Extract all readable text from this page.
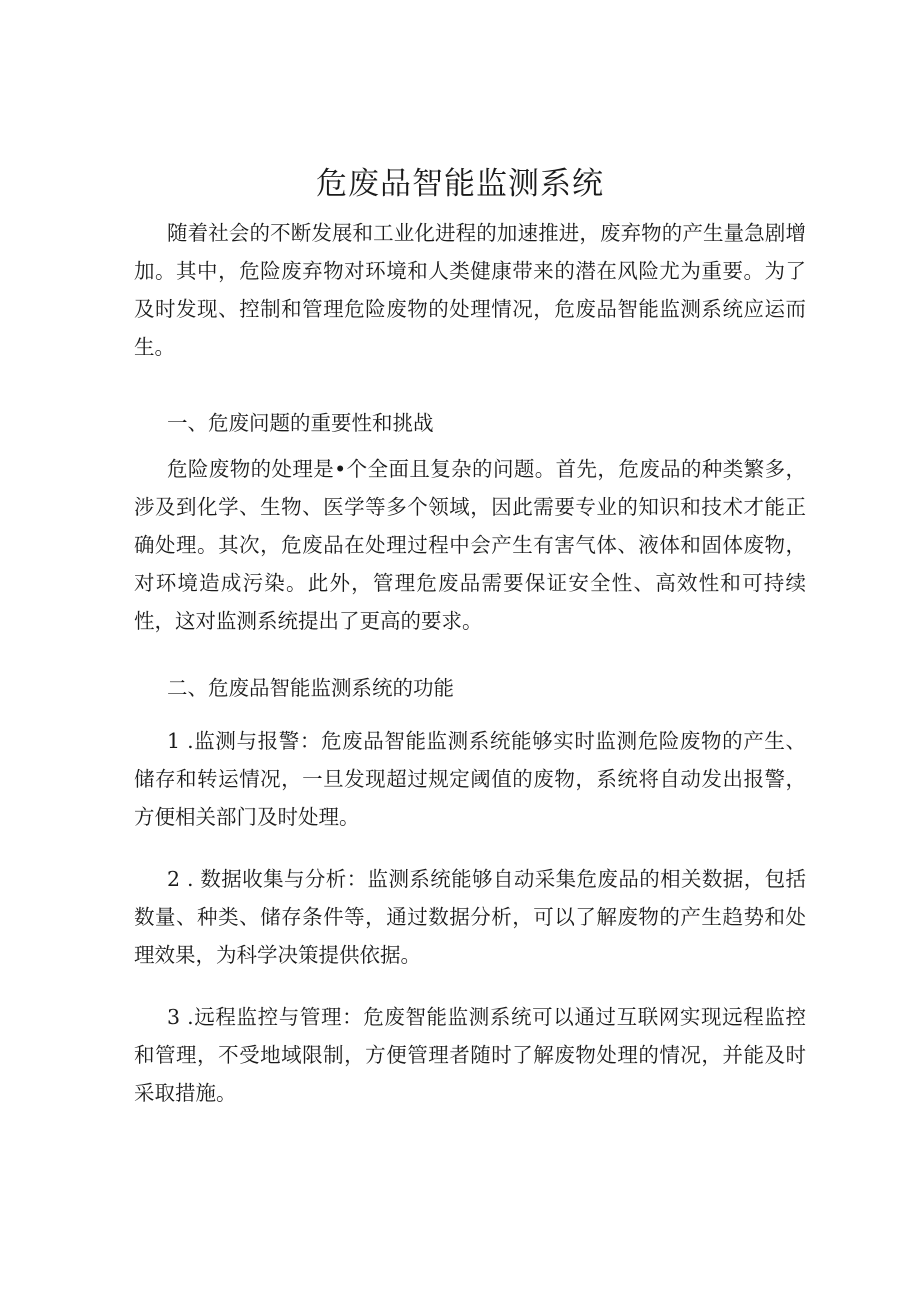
危废品智能监测系统

随着社会的不断发展和工业化进程的加速推进，废弃物的产生量急剧增加。其中，危险废弃物对环境和人类健康带来的潜在风险尤为重要。为了及时发现、控制和管理危险废物的处理情况，危废品智能监测系统应运而生。

一、危废问题的重要性和挑战

危险废物的处理是•个全面且复杂的问题。首先，危废品的种类繁多，涉及到化学、生物、医学等多个领域，因此需要专业的知识和技术才能正确处理。其次，危废品在处理过程中会产生有害气体、液体和固体废物，对环境造成污染。此外，管理危废品需要保证安全性、高效性和可持续性，这对监测系统提出了更高的要求。

二、危废品智能监测系统的功能

1 .监测与报警：危废品智能监测系统能够实时监测危险废物的产生、储存和转运情况，一旦发现超过规定阈值的废物，系统将自动发出报警，方便相关部门及时处理。

2 . 数据收集与分析：监测系统能够自动采集危废品的相关数据，包括数量、种类、储存条件等，通过数据分析，可以了解废物的产生趋势和处理效果，为科学决策提供依据。

3 .远程监控与管理：危废智能监测系统可以通过互联网实现远程监控和管理，不受地域限制，方便管理者随时了解废物处理的情况，并能及时采取措施。
